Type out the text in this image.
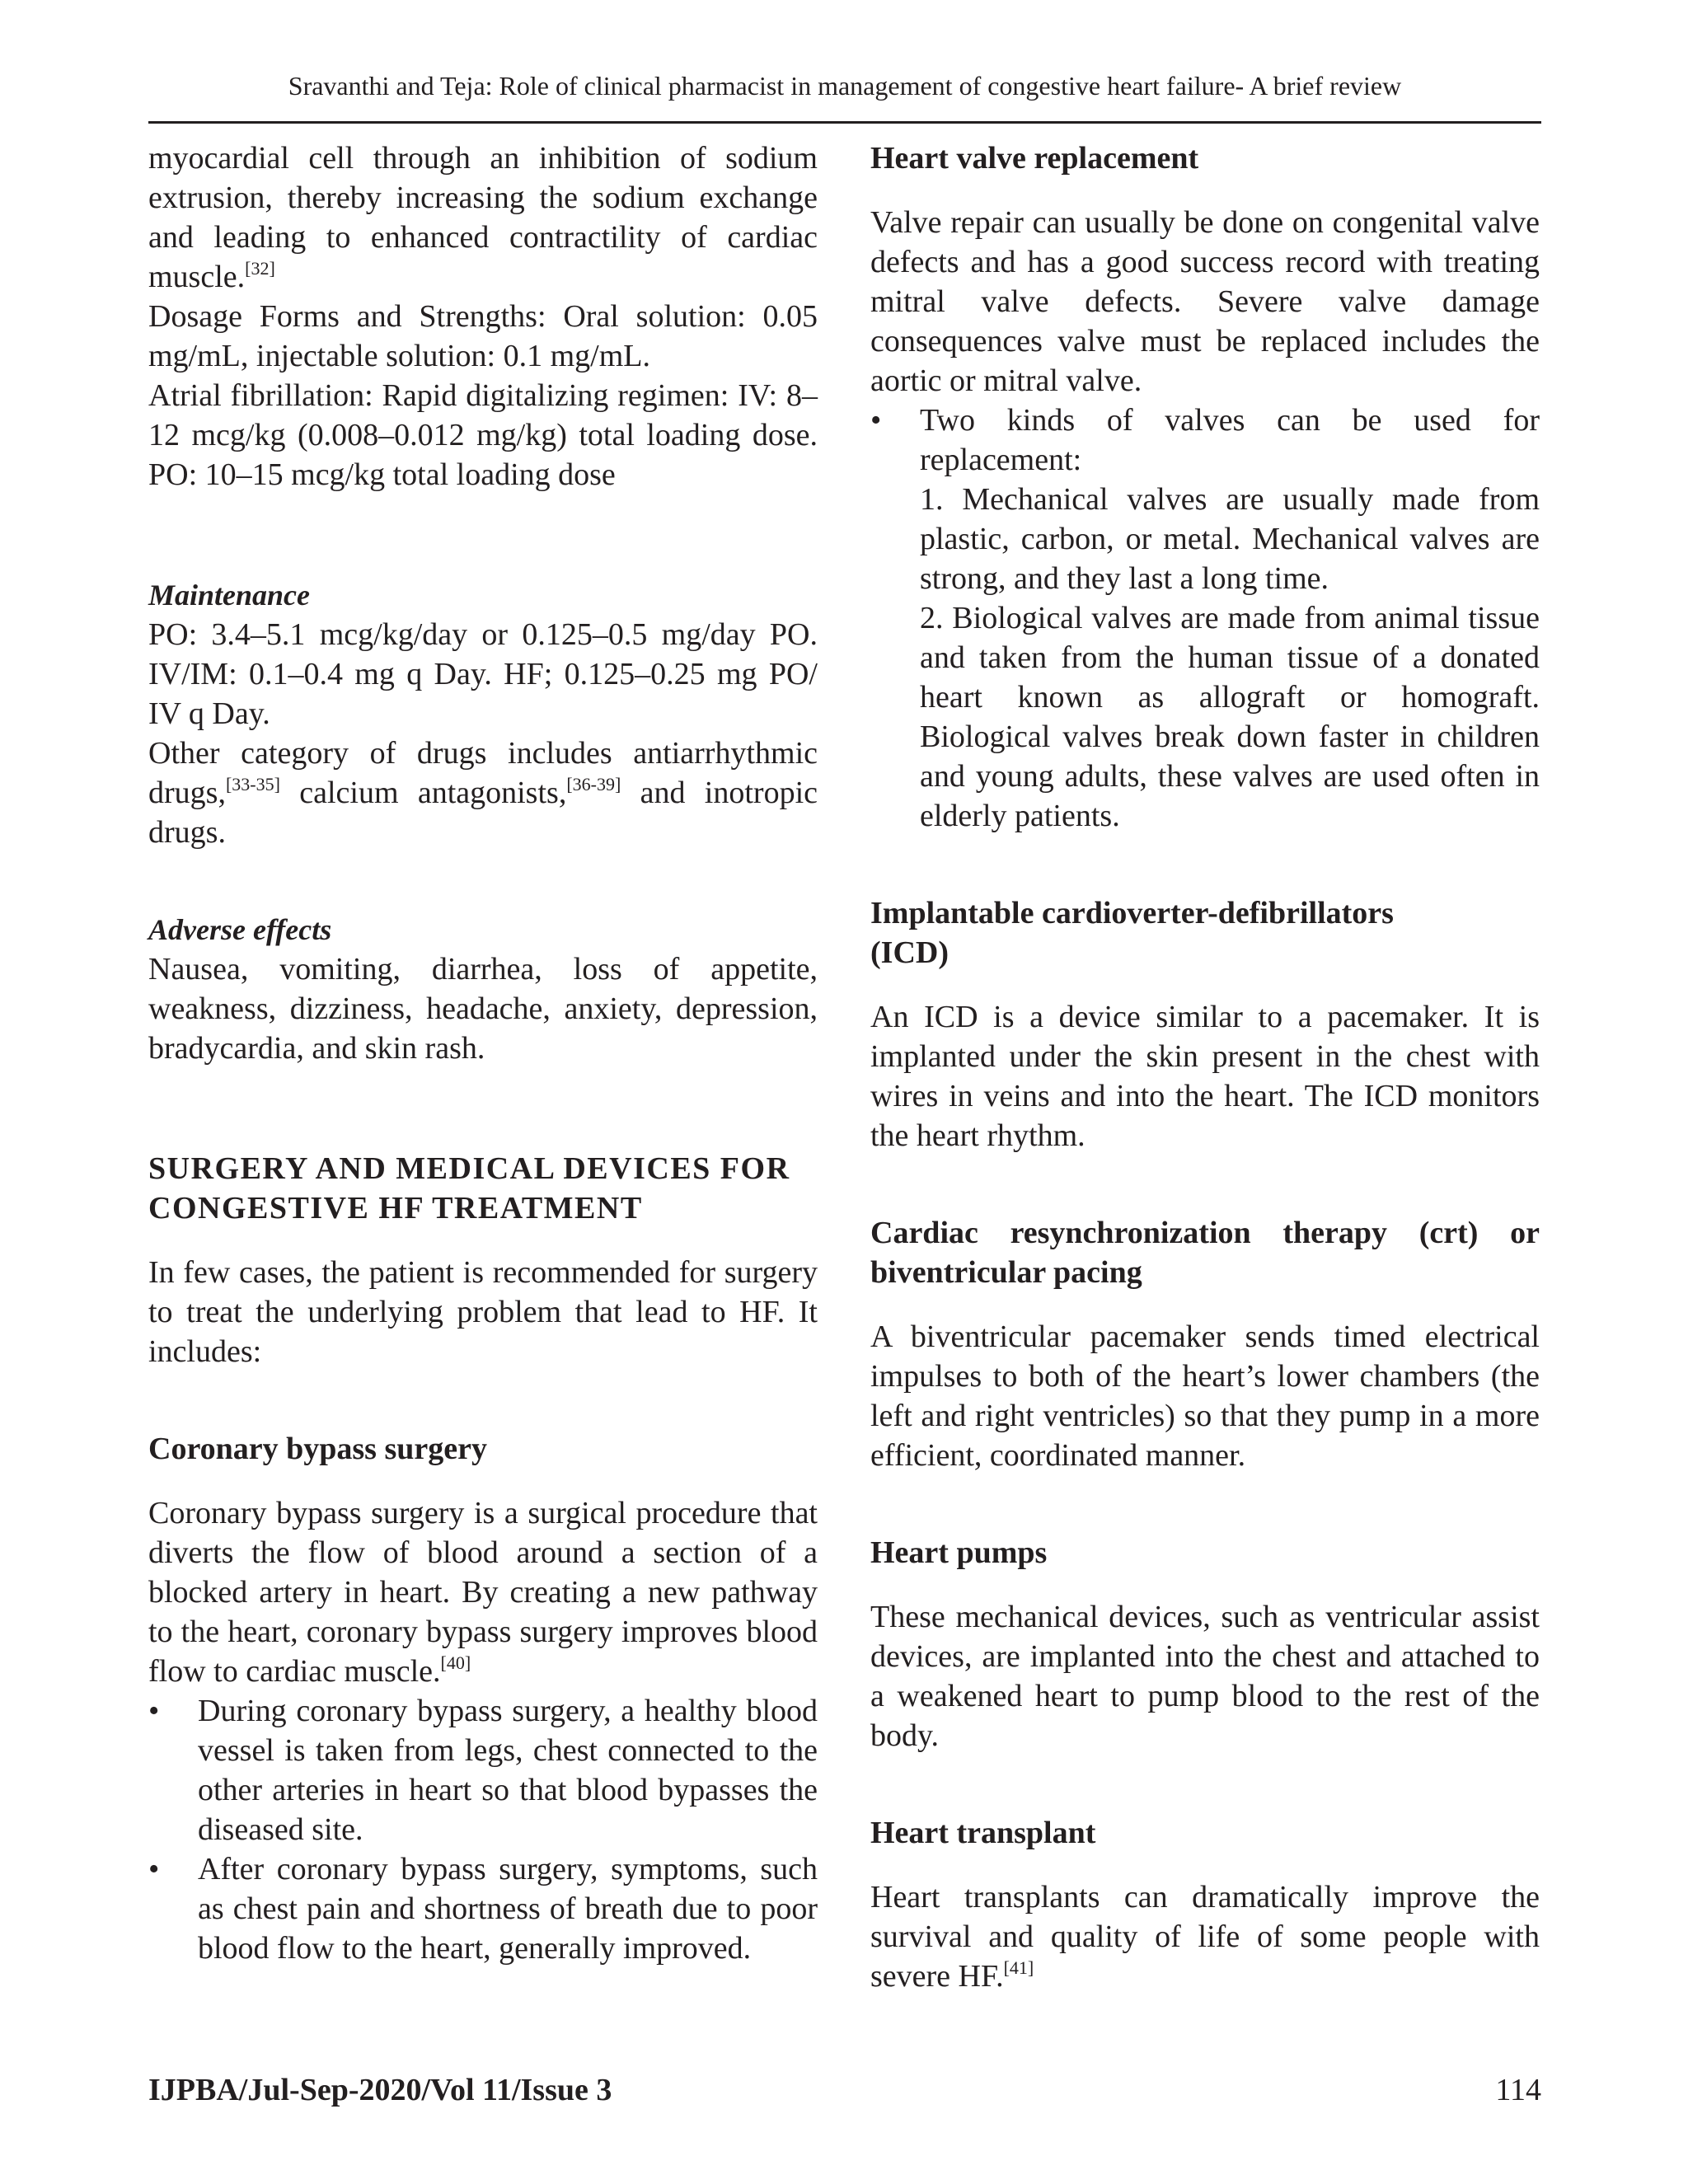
Sravanthi and Teja: Role of clinical pharmacist in management of congestive heart failure- A brief review

myocardial cell through an inhibition of sodium extrusion, thereby increasing the sodium exchange and leading to enhanced contractility of cardiac muscle.[32]

Dosage Forms and Strengths: Oral solution: 0.05 mg/mL, injectable solution: 0.1 mg/mL.

Atrial fibrillation: Rapid digitalizing regimen: IV: 8–12 mcg/kg (0.008–0.012 mg/kg) total loading dose. PO: 10–15 mcg/kg total loading dose

Maintenance

PO: 3.4–5.1 mcg/kg/day or 0.125–0.5 mg/day PO. IV/IM: 0.1–0.4 mg q Day. HF; 0.125–0.25 mg PO/ IV q Day.

Other category of drugs includes antiarrhythmic drugs,[33-35] calcium antagonists,[36-39] and inotropic drugs.

Adverse effects

Nausea, vomiting, diarrhea, loss of appetite, weakness, dizziness, headache, anxiety, depression, bradycardia, and skin rash.

SURGERY AND MEDICAL DEVICES FOR

CONGESTIVE HF TREATMENT

In few cases, the patient is recommended for surgery to treat the underlying problem that lead to HF. It includes:

Coronary bypass surgery

Coronary bypass surgery is a surgical procedure that diverts the flow of blood around a section of a blocked artery in heart. By creating a new pathway to the heart, coronary bypass surgery improves blood flow to cardiac muscle.[40]

•	During coronary bypass surgery, a healthy blood vessel is taken from legs, chest connected to the other arteries in heart so that blood bypasses the diseased site.
•	After coronary bypass surgery, symptoms, such as chest pain and shortness of breath due to poor blood flow to the heart, generally improved.

Heart valve replacement

Valve repair can usually be done on congenital valve defects and has a good success record with treating mitral valve defects. Severe valve damage consequences valve must be replaced includes the aortic or mitral valve.

•	Two kinds of valves can be used for replacement:
1. Mechanical valves are usually made from plastic, carbon, or metal. Mechanical valves are strong, and they last a long time.
2. Biological valves are made from animal tissue and taken from the human tissue of a donated heart known as allograft or homograft. Biological valves break down faster in children and young adults, these valves are used often in elderly patients.

Implantable cardioverter-defibrillators

(ICD)

An ICD is a device similar to a pacemaker. It is implanted under the skin present in the chest with wires in veins and into the heart. The ICD monitors the heart rhythm.

Cardiac resynchronization therapy (crt) or biventricular pacing

A biventricular pacemaker sends timed electrical impulses to both of the heart’s lower chambers (the left and right ventricles) so that they pump in a more efficient, coordinated manner.

Heart pumps

These mechanical devices, such as ventricular assist devices, are implanted into the chest and attached to a weakened heart to pump blood to the rest of the body.

Heart transplant

Heart transplants can dramatically improve the survival and quality of life of some people with severe HF.[41]

IJPBA/Jul-Sep-2020/Vol 11/Issue 3	114
